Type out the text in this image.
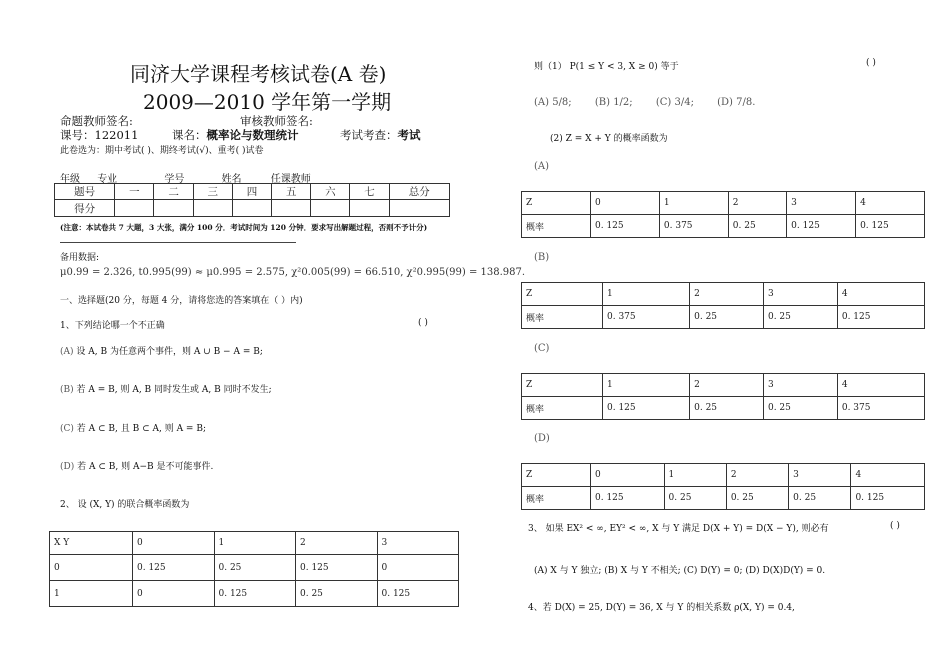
同济大学课程考核试卷(A 卷)
2009—2010 学年第一学期
命题教师签名:	审核教师签名:
课号：122011	课名：概率论与数理统计	考试考查：考试
此卷选为：期中考试( )、期终考试(√)、重考( )试卷
年级 专业	学号	姓名	任课教师
题号	一	二	三	四	五	六	七	总分
得分								
(注意：本试卷共 7 大题，3 大张，满分 100 分．考试时间为 120 分钟．要求写出解题过程，否则不予计分)
备用数据:
μ0.99 = 2.326, t0.995(99) ≈ μ0.995 = 2.575, χ²0.005(99) = 66.510, χ²0.995(99) = 138.987.
一、选择题(20 分，每题 4 分，请将您选的答案填在（ ）内)
1、下列结论哪一个不正确	( )
(A) 设 A, B 为任意两个事件，则 A ∪ B − A = B;
(B) 若 A = B, 则 A, B 同时发生或 A, B 同时不发生;
(C) 若 A ⊂ B, 且 B ⊂ A, 则 A = B;
(D) 若 A ⊂ B, 则 A−B 是不可能事件.
2、 设 (X, Y) 的联合概率函数为
X Y	0	1	2	3
0	0. 125	0. 25	0. 125	0
1	0	0. 125	0. 25	0. 125
则（1） P(1 ≤ Y < 3, X ≥ 0) 等于	( )
(A) 5/8; (B) 1/2; (C) 3/4; (D) 7/8.
(2) Z = X + Y 的概率函数为
(A)
Z	0	1	2	3	4
概率	0. 125	0. 375	0. 25	0. 125	0. 125
(B)
Z	1	2	3	4
概率	0. 375	0. 25	0. 25	0. 125
(C)
Z	1	2	3	4
概率	0. 125	0. 25	0. 25	0. 375
(D)
Z	0	1	2	3	4
概率	0. 125	0. 25	0. 25	0. 25	0. 125
3、 如果 EX² < ∞, EY² < ∞, X 与 Y 满足 D(X + Y) = D(X − Y), 则必有	( )
(A) X 与 Y 独立; (B) X 与 Y 不相关; (C) D(Y) = 0; (D) D(X)D(Y) = 0.
4、若 D(X) = 25, D(Y) = 36, X 与 Y 的相关系数 ρ(X, Y) = 0.4,
